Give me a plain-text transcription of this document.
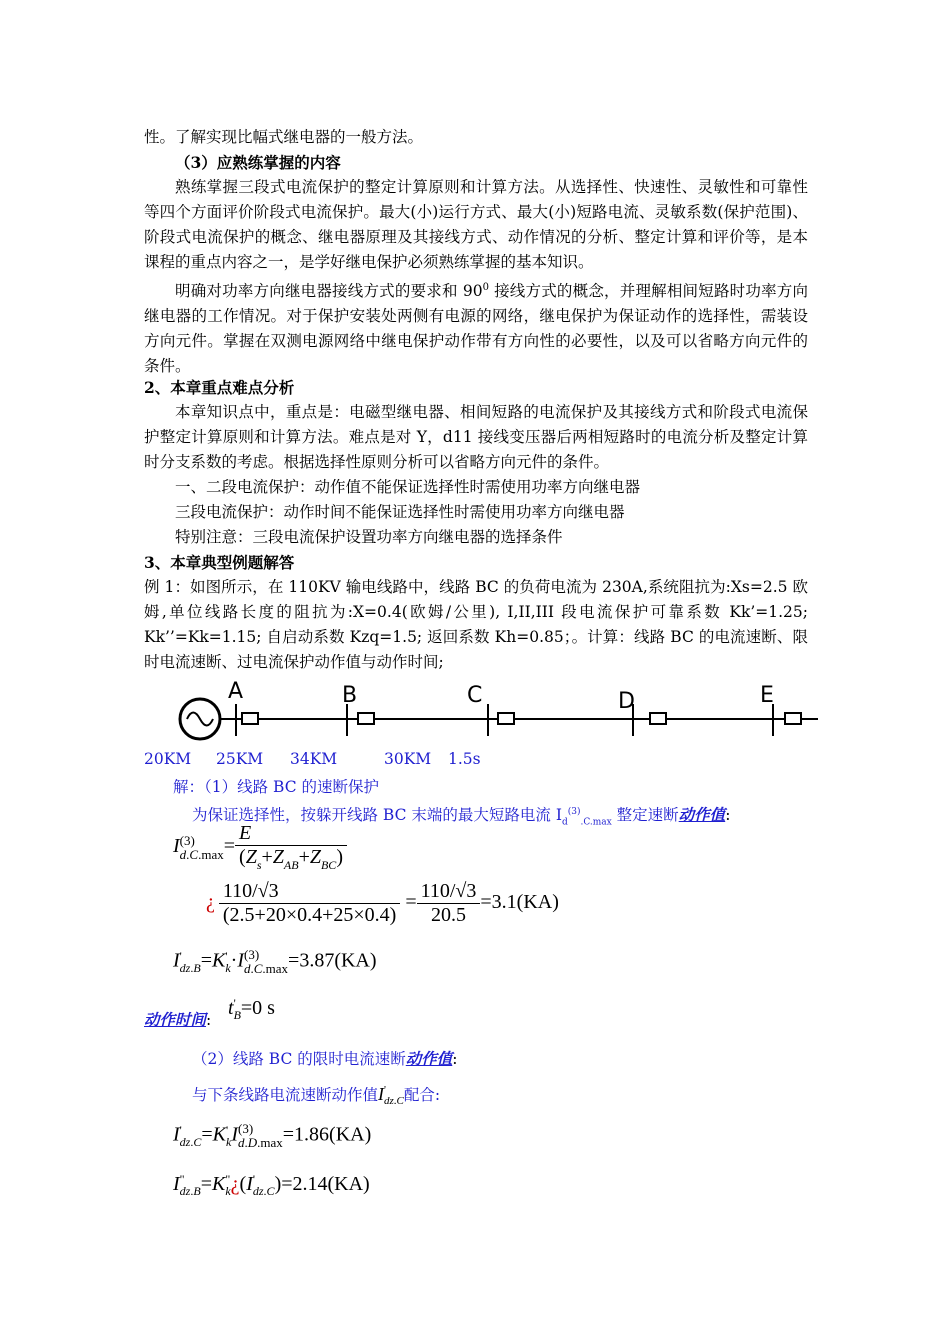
性。了解实现比幅式继电器的一般方法。
（3）应熟练掌握的内容
熟练掌握三段式电流保护的整定计算原则和计算方法。从选择性、快速性、灵敏性和可靠性等四个方面评价阶段式电流保护。最大(小)运行方式、最大(小)短路电流、灵敏系数(保护范围)、阶段式电流保护的概念、继电器原理及其接线方式、动作情况的分析、整定计算和评价等，是本课程的重点内容之一，是学好继电保护必须熟练掌握的基本知识。
明确对功率方向继电器接线方式的要求和 $90^0$ 接线方式的概念，并理解相间短路时功率方向继电器的工作情况。对于保护安装处两侧有电源的网络，继电保护为保证动作的选择性，需装设方向元件。掌握在双测电源网络中继电保护动作带有方向性的必要性，以及可以省略方向元件的条件。
2、本章重点难点分析
本章知识点中，重点是：电磁型继电器、相间短路的电流保护及其接线方式和阶段式电流保护整定计算原则和计算方法。难点是对 Y，d11 接线变压器后两相短路时的电流分析及整定计算时分支系数的考虑。根据选择性原则分析可以省略方向元件的条件。
一、二段电流保护：动作值不能保证选择性时需使用功率方向继电器
三段电流保护：动作时间不能保证选择性时需使用功率方向继电器
特别注意：三段电流保护设置功率方向继电器的选择条件
3、本章典型例题解答
例 1：如图所示，在 110KV 输电线路中，线路 BC 的负荷电流为 230A,系统阻抗为:Xs=2.5 欧姆,单位线路长度的阻抗为:X=0.4(欧姆/公里), I,II,III 段电流保护可靠系数 Kk’=1.25; Kk’’=Kk=1.15; 自启动系数 Kzq=1.5; 返回系数 Kh=0.85；。计算：线路 BC 的电流速断、限时电流速断、过电流保护动作值与动作时间;
A	B	C	D	E
20KM 25KM 34KM	30KM 1.5s
解：（1）线路 BC 的速断保护
为保证选择性，按躲开线路 BC 末端的最大短路电流 $I_d^{(3)}_{.C.max}$ 整定速断动作值:
I (3)
$d.C.\max = \frac{E}{(Z_s+Z_{AB}+Z_{BC})}$
¿ $\frac{110/√3}{(2.5+20\times 0.4+25\times 0.4)} = \frac{110/√3}{20.5} =3.1(KA)$
I '
dz.B =K '
k ·I (3)
d.C.max =3.87(KA)
动作时间:
t '
B =0 s
（2）线路 BC 的限时电流速断动作值:
与下条线路电流速断动作值I '
dz.C 配合:
I '
dz.C =K '
k I (3)
d.D.max =1.86(KA)
I "
dz.B =K "
k ¿(I '
dz.C )=2.14(KA)
